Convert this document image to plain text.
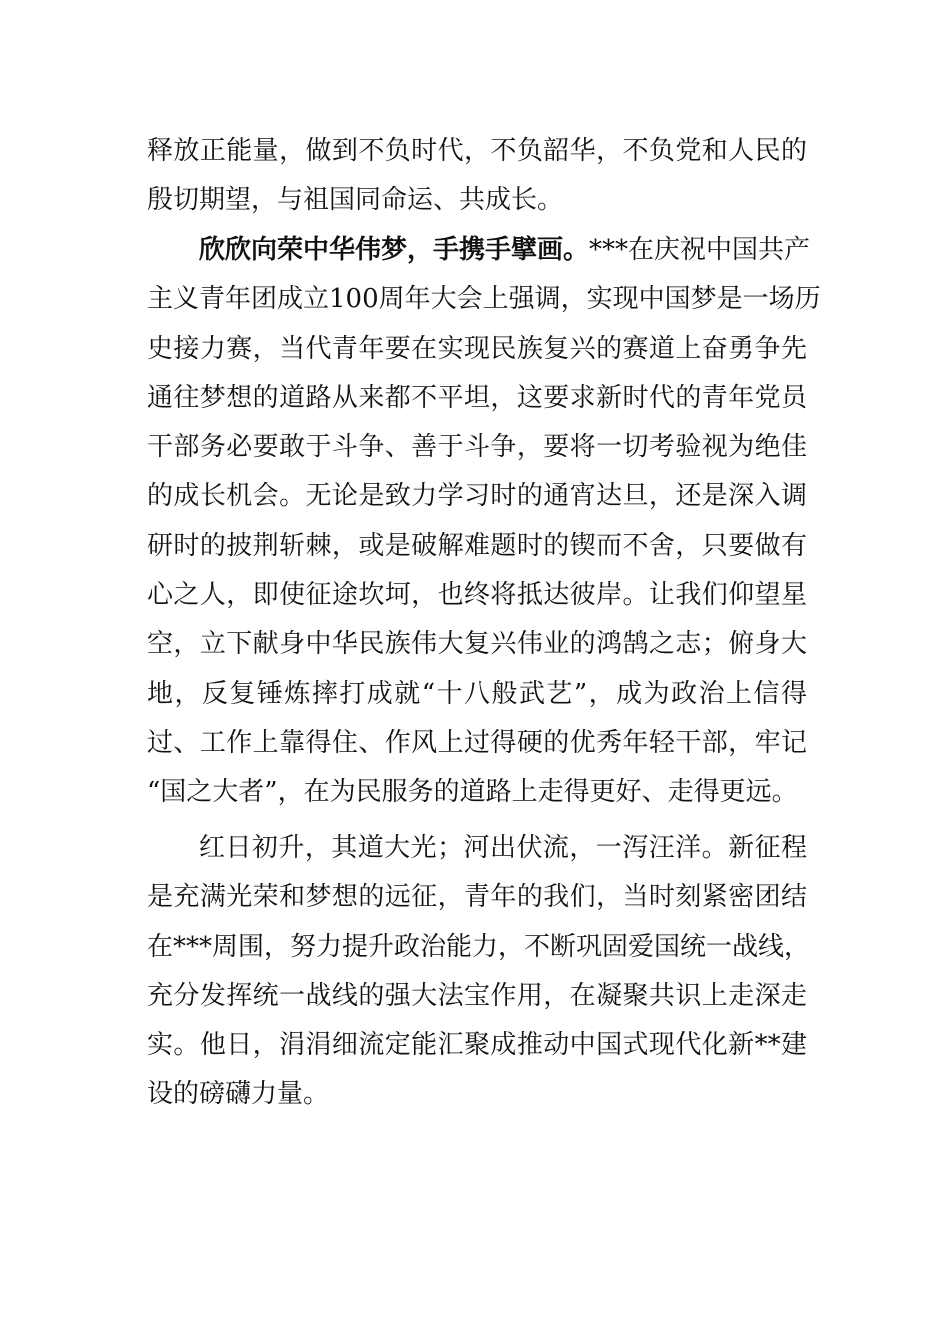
释放正能量，做到不负时代，不负韶华，不负党和人民的
殷切期望，与祖国同命运、共成长。
欣欣向荣中华伟梦，手携手擘画。***在庆祝中国共产
主义青年团成立100周年大会上强调，实现中国梦是一场历
史接力赛，当代青年要在实现民族复兴的赛道上奋勇争先
通往梦想的道路从来都不平坦，这要求新时代的青年党员
干部务必要敢于斗争、善于斗争，要将一切考验视为绝佳
的成长机会。无论是致力学习时的通宵达旦，还是深入调
研时的披荆斩棘，或是破解难题时的锲而不舍，只要做有
心之人，即使征途坎坷，也终将抵达彼岸。让我们仰望星
空，立下献身中华民族伟大复兴伟业的鸿鹄之志；俯身大
地，反复锤炼摔打成就“十八般武艺”，成为政治上信得
过、工作上靠得住、作风上过得硬的优秀年轻干部，牢记
“国之大者”，在为民服务的道路上走得更好、走得更远。
红日初升，其道大光；河出伏流，一泻汪洋。新征程
是充满光荣和梦想的远征，青年的我们，当时刻紧密团结
在***周围，努力提升政治能力，不断巩固爱国统一战线，
充分发挥统一战线的强大法宝作用，在凝聚共识上走深走
实。他日，涓涓细流定能汇聚成推动中国式现代化新**建
设的磅礴力量。
